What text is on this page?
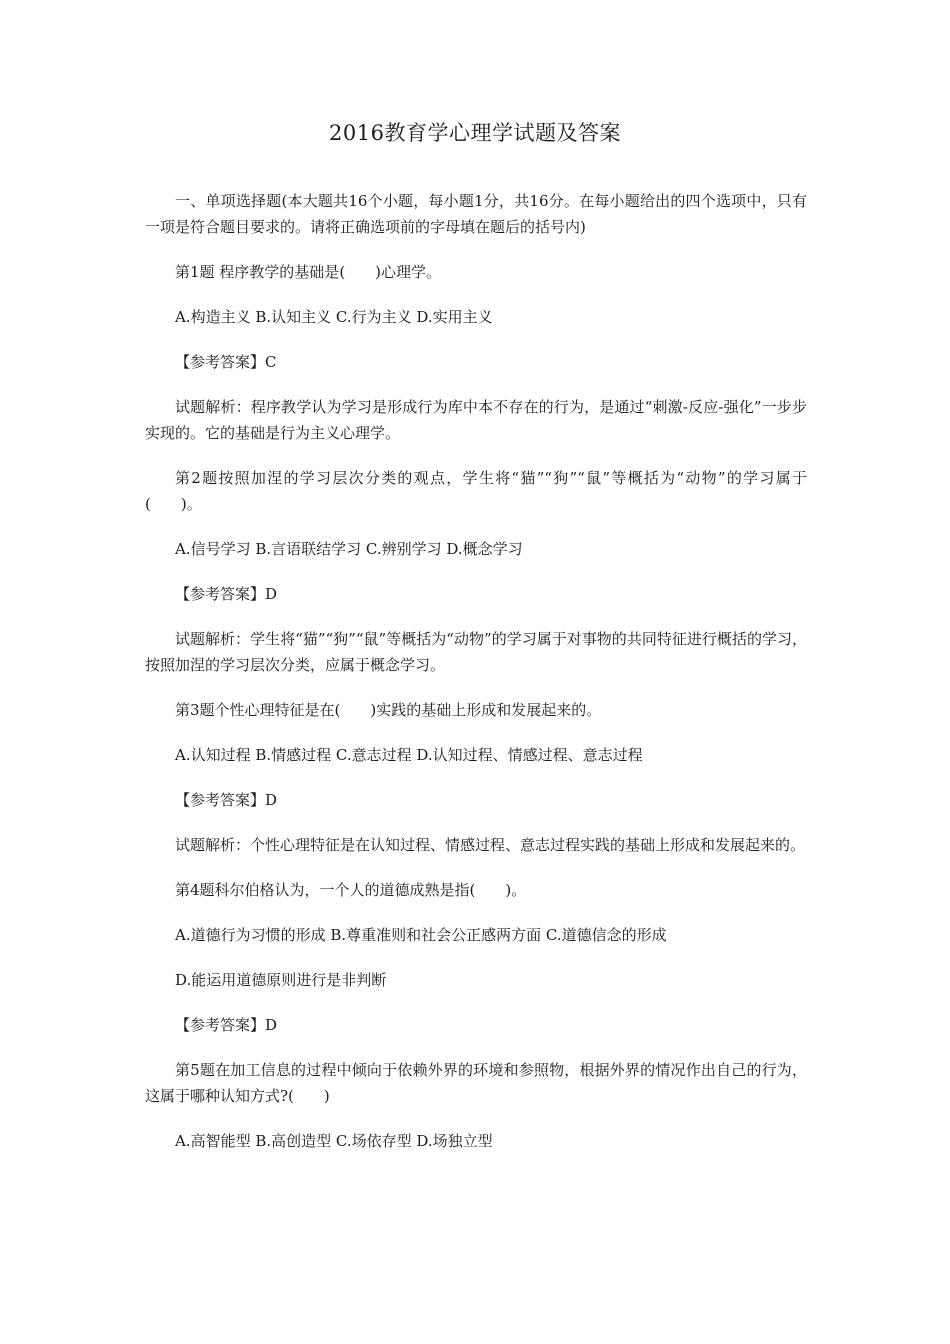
2016教育学心理学试题及答案

一、单项选择题(本大题共16个小题，每小题1分，共16分。在每小题给出的四个选项中，只有一项是符合题目要求的。请将正确选项前的字母填在题后的括号内)

第1题 程序教学的基础是(　　)心理学。

A.构造主义 B.认知主义 C.行为主义 D.实用主义

【参考答案】C

试题解析：程序教学认为学习是形成行为库中本不存在的行为，是通过“刺激-反应-强化”一步步实现的。它的基础是行为主义心理学。

第2题按照加涅的学习层次分类的观点，学生将“猫”“狗”“鼠”等概括为“动物”的学习属于(　　)。

A.信号学习 B.言语联结学习 C.辨别学习 D.概念学习

【参考答案】D

试题解析：学生将“猫”“狗”“鼠”等概括为“动物”的学习属于对事物的共同特征进行概括的学习，按照加涅的学习层次分类，应属于概念学习。

第3题个性心理特征是在(　　)实践的基础上形成和发展起来的。

A.认知过程 B.情感过程 C.意志过程 D.认知过程、情感过程、意志过程

【参考答案】D

试题解析：个性心理特征是在认知过程、情感过程、意志过程实践的基础上形成和发展起来的。

第4题科尔伯格认为，一个人的道德成熟是指(　　)。

A.道德行为习惯的形成 B.尊重准则和社会公正感两方面 C.道德信念的形成

D.能运用道德原则进行是非判断

【参考答案】D

第5题在加工信息的过程中倾向于依赖外界的环境和参照物，根据外界的情况作出自己的行为，这属于哪种认知方式?(　　)

A.高智能型 B.高创造型 C.场依存型 D.场独立型
